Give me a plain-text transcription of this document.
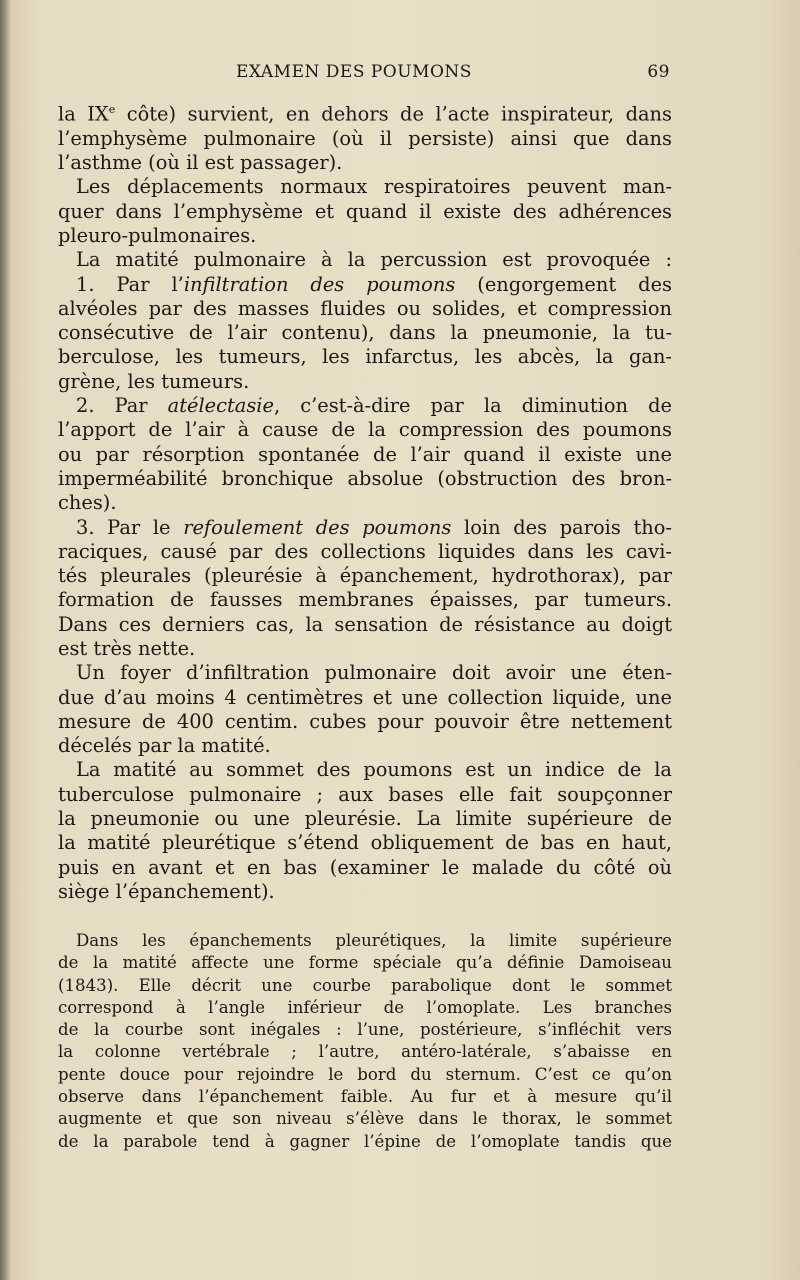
EXAMEN DES POUMONS	69

la IXe côte) survient, en dehors de l’acte inspirateur, dans

l’emphysème pulmonaire (où il persiste) ainsi que dans

l’asthme (où il est passager).

Les déplacements normaux respiratoires peuvent man-

quer dans l’emphysème et quand il existe des adhérences

pleuro-pulmonaires.

La matité pulmonaire à la percussion est provoquée :

1. Par l’infiltration des poumons (engorgement des

alvéoles par des masses fluides ou solides, et compression

consécutive de l’air contenu), dans la pneumonie, la tu-

berculose, les tumeurs, les infarctus, les abcès, la gan-

grène, les tumeurs.

2. Par atélectasie, c’est-à-dire par la diminution de

l’apport de l’air à cause de la compression des poumons

ou par résorption spontanée de l’air quand il existe une

imperméabilité bronchique absolue (obstruction des bron-

ches).

3. Par le refoulement des poumons loin des parois tho-

raciques, causé par des collections liquides dans les cavi-

tés pleurales (pleurésie à épanchement, hydrothorax), par

formation de fausses membranes épaisses, par tumeurs.

Dans ces derniers cas, la sensation de résistance au doigt

est très nette.

Un foyer d’infiltration pulmonaire doit avoir une éten-

due d’au moins 4 centimètres et une collection liquide, une

mesure de 400 centim. cubes pour pouvoir être nettement

décelés par la matité.

La matité au sommet des poumons est un indice de la

tuberculose pulmonaire ; aux bases elle fait soupçonner

la pneumonie ou une pleurésie. La limite supérieure de

la matité pleurétique s’étend obliquement de bas en haut,

puis en avant et en bas (examiner le malade du côté où

siège l’épanchement).

Dans les épanchements pleurétiques, la limite supérieure

de la matité affecte une forme spéciale qu’a définie Damoiseau

(1843). Elle décrit une courbe parabolique dont le sommet

correspond à l’angle inférieur de l’omoplate. Les branches

de la courbe sont inégales : l’une, postérieure, s’infléchit vers

la colonne vertébrale ; l’autre, antéro-latérale, s’abaisse en

pente douce pour rejoindre le bord du sternum. C’est ce qu’on

observe dans l’épanchement faible. Au fur et à mesure qu’il

augmente et que son niveau s’élève dans le thorax, le sommet

de la parabole tend à gagner l’épine de l’omoplate tandis que
